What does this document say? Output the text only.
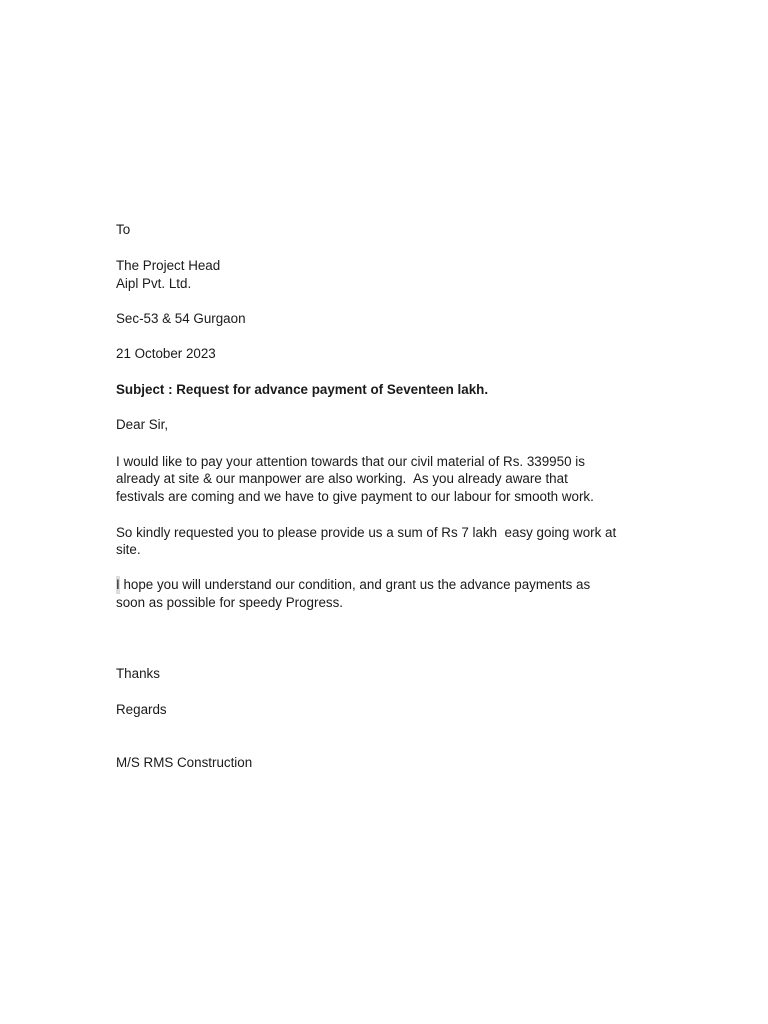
To

The Project Head

Aipl Pvt. Ltd.

Sec-53 & 54 Gurgaon

21 October 2023

Subject : Request for advance payment of Seventeen lakh.

Dear Sir,

I would like to pay your attention towards that our civil material of Rs. 339950 is

already at site & our manpower are also working.  As you already aware that

festivals are coming and we have to give payment to our labour for smooth work.

So kindly requested you to please provide us a sum of Rs 7 lakh  easy going work at

site.

I hope you will understand our condition, and grant us the advance payments as

soon as possible for speedy Progress.

Thanks

Regards

M/S RMS Construction
